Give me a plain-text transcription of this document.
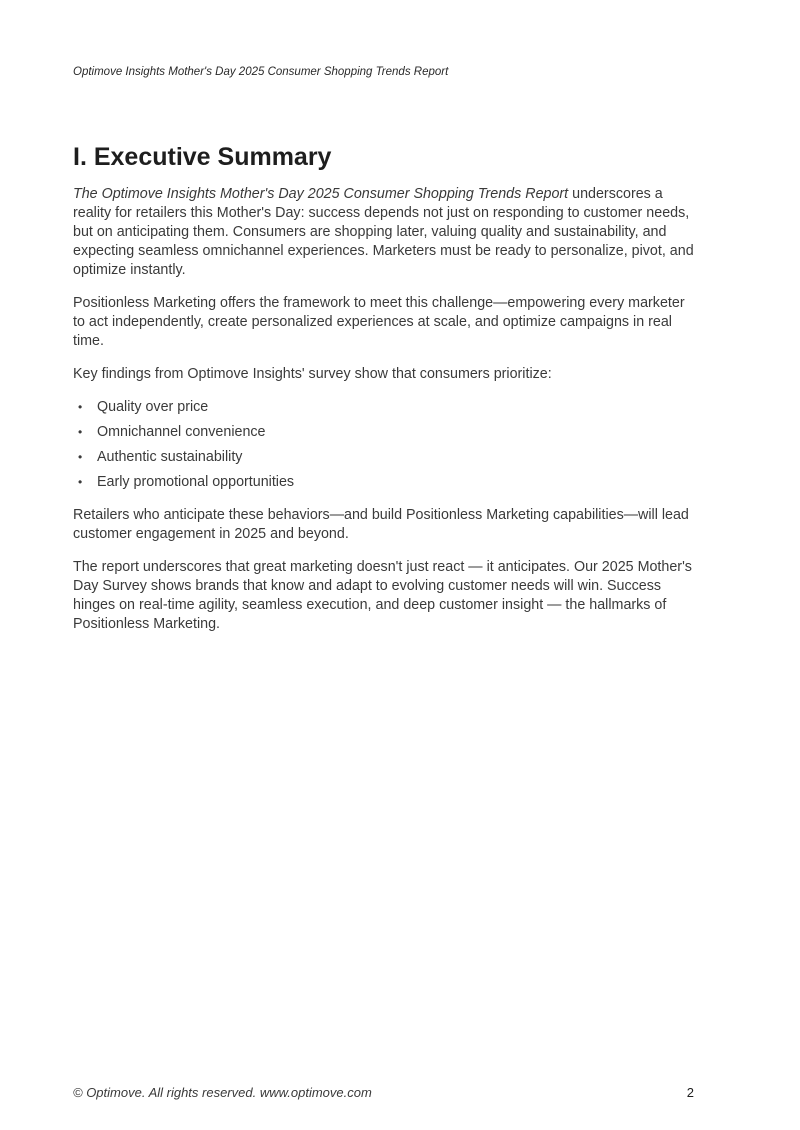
Optimove Insights Mother's Day 2025 Consumer Shopping Trends Report

I. Executive Summary

The Optimove Insights Mother's Day 2025 Consumer Shopping Trends Report underscores a reality for retailers this Mother's Day: success depends not just on responding to customer needs, but on anticipating them. Consumers are shopping later, valuing quality and sustainability, and expecting seamless omnichannel experiences. Marketers must be ready to personalize, pivot, and optimize instantly.

Positionless Marketing offers the framework to meet this challenge—empowering every marketer to act independently, create personalized experiences at scale, and optimize campaigns in real time.

Key findings from Optimove Insights' survey show that consumers prioritize:

•	Quality over price
•	Omnichannel convenience
•	Authentic sustainability
•	Early promotional opportunities

Retailers who anticipate these behaviors—and build Positionless Marketing capabilities—will lead customer engagement in 2025 and beyond.

The report underscores that great marketing doesn't just react — it anticipates. Our 2025 Mother's Day Survey shows brands that know and adapt to evolving customer needs will win. Success hinges on real-time agility, seamless execution, and deep customer insight — the hallmarks of Positionless Marketing.

© Optimove. All rights reserved. www.optimove.com	2
